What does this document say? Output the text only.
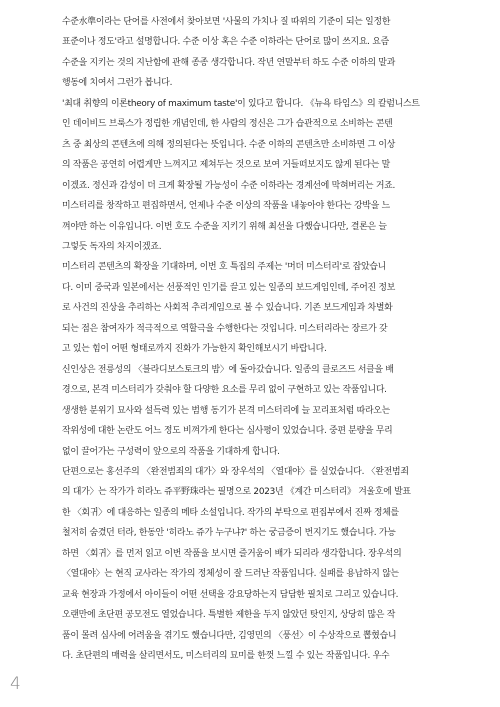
수준水準이라는 단어를 사전에서 찾아보면 '사물의 가치나 질 따위의 기준이 되는 일정한
표준이나 정도'라고 설명합니다. 수준 이상 혹은 수준 이하라는 단어로 많이 쓰지요. 요즘
수준을 지키는 것의 지난함에 관해 종종 생각합니다. 작년 연말부터 하도 수준 이하의 말과
행동에 치여서 그런가 봅니다.

'최대 취향의 이론theory of maximum taste'이 있다고 합니다. 《뉴욕 타임스》의 칼럼니스트
인 데이비드 브룩스가 정립한 개념인데, 한 사람의 정신은 그가 습관적으로 소비하는 콘텐
츠 중 최상의 콘텐츠에 의해 정의된다는 뜻입니다. 수준 이하의 콘텐츠만 소비하면 그 이상
의 작품은 공연히 어렵게만 느껴지고 제쳐두는 것으로 보여 거들떠보지도 않게 된다는 말
이겠죠. 정신과 감성이 더 크게 확장될 가능성이 수준 이하라는 경계선에 막혀버리는 거죠.
미스터리를 창작하고 편집하면서, 언제나 수준 이상의 작품을 내놓아야 한다는 강박을 느
껴야만 하는 이유입니다. 이번 호도 수준을 지키기 위해 최선을 다했습니다만, 결론은 늘
그렇듯 독자의 차지이겠죠.

미스터리 콘텐츠의 확장을 기대하며, 이번 호 특집의 주제는 '머더 미스터리'로 잡았습니
다. 이미 중국과 일본에서는 선풍적인 인기를 끌고 있는 일종의 보드게임인데, 주어진 정보
로 사건의 진상을 추리하는 사회적 추리게임으로 볼 수 있습니다. 기존 보드게임과 차별화
되는 점은 참여자가 적극적으로 역할극을 수행한다는 것입니다. 미스터리라는 장르가 갖
고 있는 힘이 어떤 형태로까지 진화가 가능한지 확인해보시기 바랍니다.

신인상은 전릉성의 〈블라디보스토크의 밤〉에 돌아갔습니다. 일종의 클로즈드 서클을 배
경으로, 본격 미스터리가 갖춰야 할 다양한 요소를 무리 없이 구현하고 있는 작품입니다.
생생한 분위기 묘사와 설득력 있는 범행 동기가 본격 미스터리에 늘 꼬리표처럼 따라오는
작위성에 대한 논란도 어느 정도 비껴가게 한다는 심사평이 있었습니다. 중편 분량을 무리
없이 끌어가는 구성력이 앞으로의 작품을 기대하게 합니다.

단편으로는 홍선주의 〈완전범죄의 대가〉와 장우석의 〈열대야〉를 실었습니다. 〈완전범죄
의 대가〉는 작가가 히라노 쥬平野珠라는 필명으로 2023년 《계간 미스터리》 겨울호에 발표
한 〈회귀〉에 대응하는 일종의 메타 소설입니다. 작가의 부탁으로 편집부에서 진짜 정체를
철저히 숨겼던 터라, 한동안 '히라노 쥬가 누구냐?' 하는 궁금증이 번지기도 했습니다. 가능
하면 〈회귀〉를 먼저 읽고 이번 작품을 보시면 즐거움이 배가 되리라 생각합니다. 장우석의
〈열대야〉는 현직 교사라는 작가의 정체성이 잘 드러난 작품입니다. 실패를 용납하지 않는
교육 현장과 가정에서 아이들이 어떤 선택을 강요당하는지 담담한 필치로 그리고 있습니다.
오랜만에 초단편 공모전도 열었습니다. 특별한 제한을 두지 않았던 탓인지, 상당히 많은 작
품이 몰려 심사에 어려움을 겪기도 했습니다만, 김영민의 〈풍선〉이 수상작으로 뽑혔습니
다. 초단편의 매력을 살리면서도, 미스터리의 묘미를 한껏 느낄 수 있는 작품입니다. 우수

4
